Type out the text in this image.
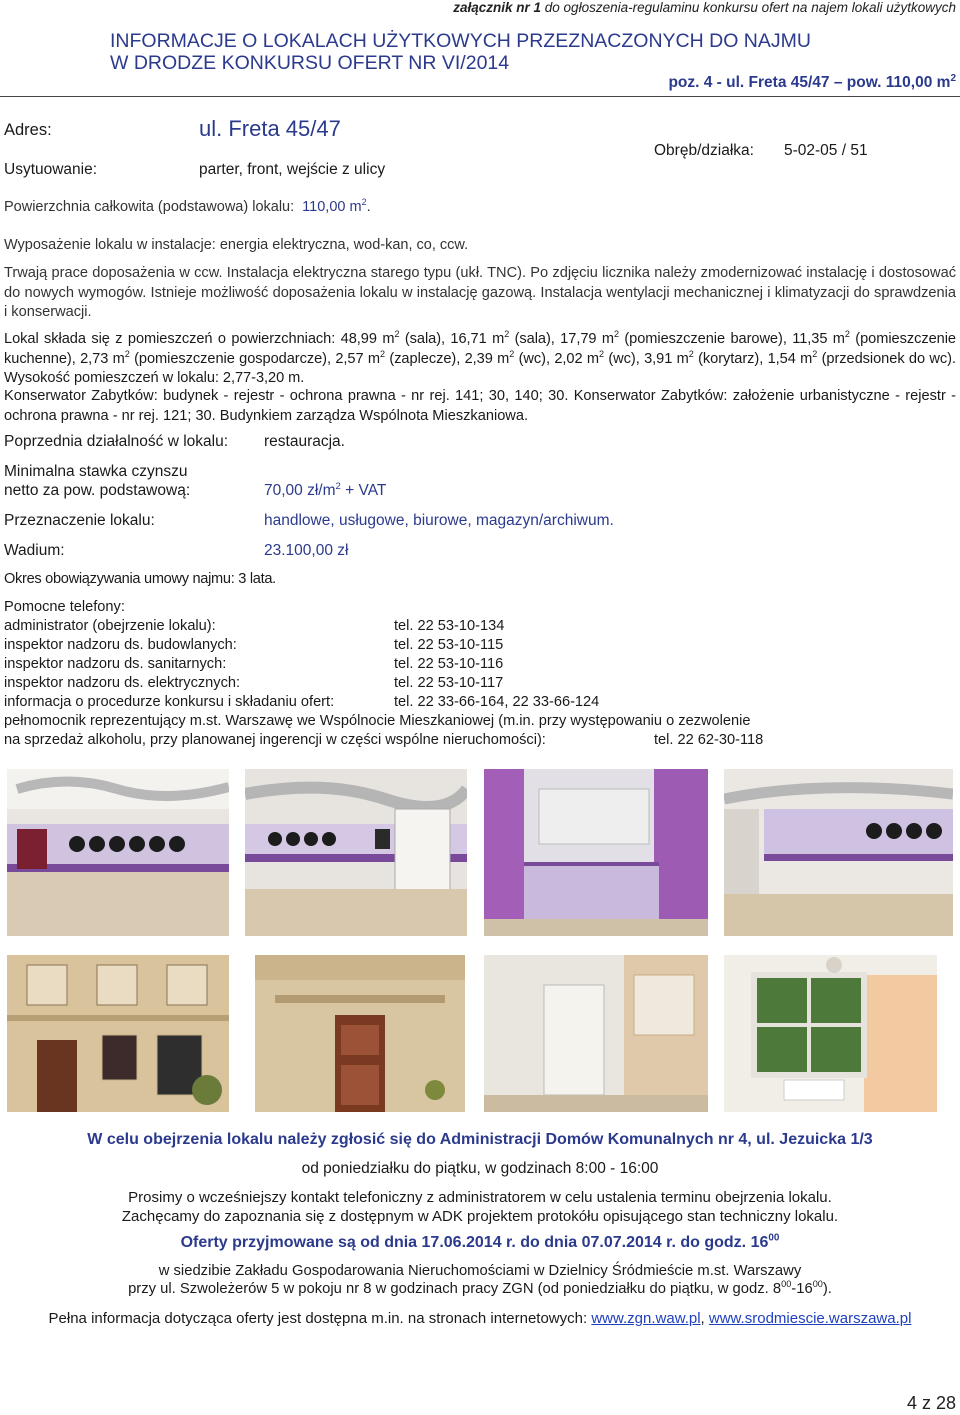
załącznik nr 1 do ogłoszenia-regulaminu konkursu ofert na najem lokali użytkowych
INFORMACJE O LOKALACH UŻYTKOWYCH PRZEZNACZONYCH DO NAJMU
W DRODZE KONKURSU OFERT NR VI/2014
poz. 4 - ul. Freta 45/47 – pow. 110,00 $m^2$
Adres:	ul. Freta 45/47
Usytuowanie:	parter, front, wejście z ulicy
Obręb/działka: 5-02-05 / 51
Powierzchnia całkowita (podstawowa) lokalu: 110,00 $m^2$.
Wyposażenie lokalu w instalacje: energia elektryczna, wod-kan, co, ccw.
Trwają prace doposażenia w ccw. Instalacja elektryczna starego typu (ukł. TNC). Po zdjęciu licznika należy zmodernizować instalację i dostosować do nowych wymogów. Istnieje możliwość doposażenia lokalu w instalację gazową. Instalacja wentylacji mechanicznej i klimatyzacji do sprawdzenia i konserwacji.
Lokal składa się z pomieszczeń o powierzchniach: 48,99 $m^2$ (sala), 16,71 $m^2$ (sala), 17,79 $m^2$ (pomieszczenie barowe), 11,35 $m^2$ (pomieszczenie kuchenne), 2,73 $m^2$ (pomieszczenie gospodarcze), 2,57 $m^2$ (zaplecze), 2,39 $m^2$ (wc), 2,02 $m^2$ (wc), 3,91 $m^2$ (korytarz), 1,54 $m^2$ (przedsionek do wc). Wysokość pomieszczeń w lokalu: 2,77-3,20 m.
Konserwator Zabytków: budynek - rejestr - ochrona prawna - nr rej. 141; 30, 140; 30. Konserwator Zabytków: założenie urbanistyczne - rejestr - ochrona prawna - nr rej. 121; 30. Budynkiem zarządza Wspólnota Mieszkaniowa.
Poprzednia działalność w lokalu: restauracja.
Minimalna stawka czynszu
netto za pow. podstawową:	70,00 $zł/m^2$ + VAT
Przeznaczenie lokalu:	handlowe, usługowe, biurowe, magazyn/archiwum.
Wadium:	23.100,00 zł
Okres obowiązywania umowy najmu: 3 lata.
Pomocne telefony:
administrator (obejrzenie lokalu):	tel. 22 53-10-134
inspektor nadzoru ds. budowlanych:	tel. 22 53-10-115
inspektor nadzoru ds. sanitarnych:	tel. 22 53-10-116
inspektor nadzoru ds. elektrycznych:	tel. 22 53-10-117
informacja o procedurze konkursu i składaniu ofert:	tel. 22 33-66-164, 22 33-66-124
pełnomocnik reprezentujący m.st. Warszawę we Wspólnocie Mieszkaniowej (m.in. przy występowaniu o zezwolenie
na sprzedaż alkoholu, przy planowanej ingerencji w części wspólne nieruchomości):	tel. 22 62-30-118
W celu obejrzenia lokalu należy zgłosić się do Administracji Domów Komunalnych nr 4, ul. Jezuicka 1/3
od poniedziałku do piątku, w godzinach 8:00 - 16:00
Prosimy o wcześniejszy kontakt telefoniczny z administratorem w celu ustalenia terminu obejrzenia lokalu.
Zachęcamy do zapoznania się z dostępnym w ADK projektem protokółu opisującego stan techniczny lokalu.
Oferty przyjmowane są od dnia 17.06.2014 r. do dnia 07.07.2014 r. do godz. $16^{00}$
w siedzibie Zakładu Gospodarowania Nieruchomościami w Dzielnicy Śródmieście m.st. Warszawy
przy ul. Szwoleżerów 5 w pokoju nr 8 w godzinach pracy ZGN (od poniedziałku do piątku, w godz. $8^{00}-16^{00}$).
Pełna informacja dotycząca oferty jest dostępna m.in. na stronach internetowych: www.zgn.waw.pl, www.srodmiescie.warszawa.pl
4 z 28
